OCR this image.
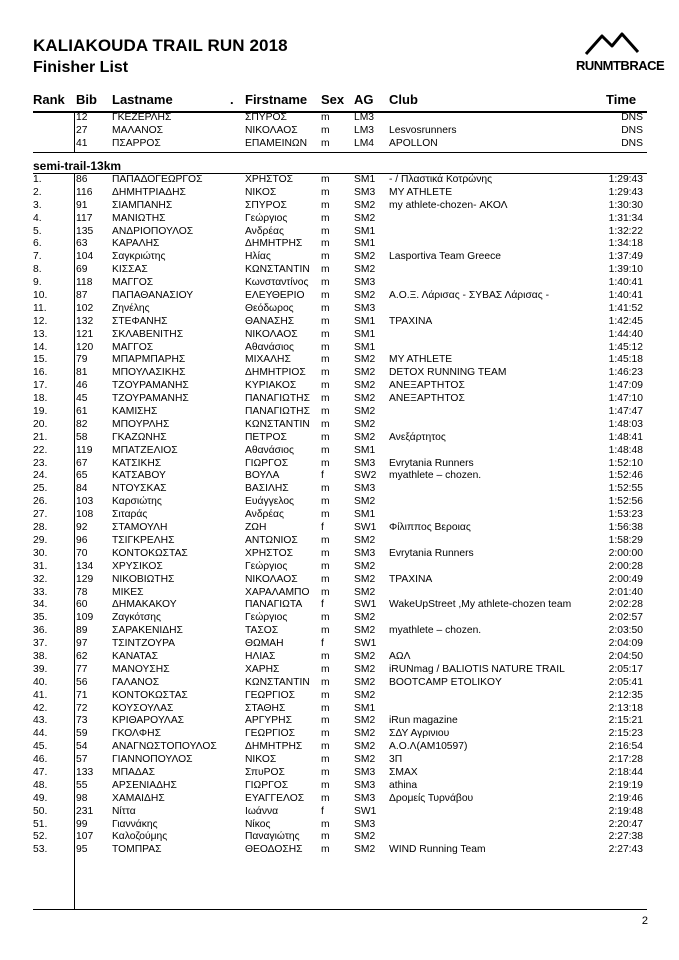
KALIAKOUDA TRAIL RUN 2018
Finisher List	RUNMTBRACE
Rank Bib Lastname	. Firstname Sex AG Club	Time
12 ΓΚΕΖΕΡΛΗΣ	ΣΠΥΡΟΣ	m LM3	DNS
27 ΜΑΛΑΝΟΣ	ΝΙΚΟΛΑΟΣ	m LM3 Lesvosrunners	DNS
41 ΠΣΑΡΡΟΣ	ΕΠΑΜΕΙΝΩΝ	m LM4 APOLLON	DNS
semi-trail-13km
1.	86 ΠΑΠΑΔΟΓΕΩΡΓΟΣ	ΧΡΗΣΤΟΣ	m SM1 - / Πλαστικά Κοτρώνης	1:29:43
2.	116 ΔΗΜΗΤΡΙΑΔΗΣ	ΝΙΚΟΣ	m SM3 MY ATHLETE	1:29:43
3.	91 ΣΙΑΜΠΑΝΗΣ	ΣΠΥΡΟΣ	m SM2 my athlete-chozen- ΑΚΟΛ	1:30:30
4.	117 ΜΑΝΙΩΤΗΣ	Γεώργιος	m SM2	1:31:34
5.	135 ΑΝΔΡΙΟΠΟΥΛΟΣ	Ανδρέας	m SM1	1:32:22
6.	63 ΚΑΡΑΛΗΣ	ΔΗΜΗΤΡΗΣ	m SM1	1:34:18
7.	104 Σαγκριώτης	Ηλίας	m SM2 Lasportiva Team Greece	1:37:49
8.	69 ΚΙΣΣΑΣ	ΚΩΝΣΤΑΝΤΙΝ	m SM2	1:39:10
9.	118 ΜΑΓΓΟΣ	Κωνσταντίνος	m SM3	1:40:41
10.	87 ΠΑΠΑΘΑΝΑΣΙΟΥ	ΕΛΕΥΘΕΡΙΟ	m SM2 Α.Ο.Ξ. Λάρισας - ΣΥΒΑΣ Λάρισας -	1:40:41
11.	102 Ζηνέλης	Θεόδωρος	m SM3	1:41:52
12.	132 ΣΤΕΦΑΝΗΣ	ΘΑΝΑΣΗΣ	m SM1 ΤΡΑΧΙΝΑ	1:42:45
13.	121 ΣΚΛΑΒΕΝΙΤΗΣ	ΝΙΚΟΛΑΟΣ	m SM1	1:44:40
14.	120 ΜΑΓΓΟΣ	Αθανάσιος	m SM1	1:45:12
15.	79 ΜΠΑΡΜΠΑΡΗΣ	ΜΙΧΑΛΗΣ	m SM2 MY ATHLETE	1:45:18
16.	81 ΜΠΟΥΛΑΣΙΚΗΣ	ΔΗΜΗΤΡΙΟΣ	m SM2 DETOX RUNNING TEAM	1:46:23
17.	46 ΤΖΟΥΡΑΜΑΝΗΣ	ΚΥΡΙΑΚΟΣ	m SM2 ΑΝΕΞΑΡΤΗΤΟΣ	1:47:09
18.	45 ΤΖΟΥΡΑΜΑΝΗΣ	ΠΑΝΑΓΙΩΤΗΣ	m SM2 ΑΝΕΞΑΡΤΗΤΟΣ	1:47:10
19.	61 ΚΑΜΙΣΗΣ	ΠΑΝΑΓΙΩΤΗΣ	m SM2	1:47:47
20.	82 ΜΠΟΥΡΛΗΣ	ΚΩΝΣΤΑΝΤΙΝ	m SM2	1:48:03
21.	58 ΓΚΑΖΩΝΗΣ	ΠΕΤΡΟΣ	m SM2 Ανεξάρτητος	1:48:41
22.	119 ΜΠΑΤΖΕΛΙΟΣ	Αθανάσιος	m SM1	1:48:48
23.	67 ΚΑΤΣΙΚΗΣ	ΓΙΩΡΓΟΣ	m SM3 Evrytania Runners	1:52:10
24.	65 ΚΑΤΣΑΒΟΥ	ΒΟΥΛΑ	f	SW2 myathlete – chozen.	1:52:46
25.	84 ΝΤΟΥΣΚΑΣ	ΒΑΣΙΛΗΣ	m SM3	1:52:55
26.	103 Καρσιώτης	Ευάγγελος	m SM2	1:52:56
27.	108 Σιταράς	Ανδρέας	m SM1	1:53:23
28.	92 ΣΤΑΜΟΥΛΗ	ΖΩΗ	f	SW1 Φίλιππος Βεροιας	1:56:38
29.	96 ΤΣΙΓΚΡΕΛΗΣ	ΑΝΤΩΝΙΟΣ	m SM2	1:58:29
30.	70 ΚΟΝΤΟΚΩΣΤΑΣ	ΧΡΗΣΤΟΣ	m SM3 Evrytania Runners	2:00:00
31.	134 ΧΡΥΣΙΚΟΣ	Γεώργιος	m SM2	2:00:28
32.	129 ΝΙΚΟΒΙΩΤΗΣ	ΝΙΚΟΛΑΟΣ	m SM2 ΤΡΑΧΙΝΑ	2:00:49
33.	78 ΜΙΚΕΣ	ΧΑΡΑΛΑΜΠΟ	m SM2	2:01:40
34.	60 ΔΗΜΑΚΑΚΟΥ	ΠΑΝΑΓΙΩΤΑ	f	SW1 WakeUpStreet ,My athlete-chozen team	2:02:28
35.	109 Ζαγκότσης	Γεώργιος	m SM2	2:02:57
36.	89 ΣΑΡΑΚΕΝΙΔΗΣ	ΤΑΣΟΣ	m SM2 myathlete – chozen.	2:03:50
37.	97 ΤΣΙΝΤΖΟΥΡΑ	ΘΩΜΑΗ	f	SW1	2:04:09
38.	62 ΚΑΝΑΤΑΣ	ΗΛΙΑΣ	m SM2 ΑΩΛ	2:04:50
39.	77 ΜΑΝΟΥΣΗΣ	ΧΑΡΗΣ	m SM2 iRUNmag / BALIOTIS NATURE TRAIL	2:05:17
40.	56 ΓΑΛΑΝΟΣ	ΚΩΝΣΤΑΝΤΙΝ	m SM2 BOOTCAMP ETOLIKOY	2:05:41
41.	71 ΚΟΝΤΟΚΩΣΤΑΣ	ΓΕΩΡΓΙΟΣ	m SM2	2:12:35
42.	72 ΚΟΥΣΟΥΛΑΣ	ΣΤΑΘΗΣ	m SM1	2:13:18
43.	73 ΚΡΙΘΑΡΟΥΛΑΣ	ΑΡΓΥΡΗΣ	m SM2 iRun magazine	2:15:21
44.	59 ΓΚΟΛΦΗΣ	ΓΕΩΡΓΙΟΣ	m SM2 ΣΔΥ Αγρινιου	2:15:23
45.	54 ΑΝΑΓΝΩΣΤΟΠΟΥΛΟΣ	ΔΗΜΗΤΡΗΣ	m SM2 Α.Ο.Λ(ΑΜ10597)	2:16:54
46.	57 ΓΙΑΝΝΟΠΟΥΛΟΣ	ΝΙΚΟΣ	m SM2 3Π	2:17:28
47.	133 ΜΠΑΔΑΣ	ΣπυΡΟΣ	m SM3 ΣΜΑΧ	2:18:44
48.	55 ΑΡΣΕΝΙΑΔΗΣ	ΓΙΩΡΓΟΣ	m SM3 athina	2:19:19
49.	98 ΧΑΜΑΙΔΗΣ	ΕΥΑΓΓΕΛΟΣ	m SM3 Δρομείς Τυρνάβου	2:19:46
50.	231 Νίττα	Ιωάννα	f	SW1	2:19:48
51.	99 Γιαννάκης	Νίκος	m SM3	2:20:47
52.	107 Καλοζούμης	Παναγιώτης	m SM2	2:27:38
53.	95 ΤΟΜΠΡΑΣ	ΘΕΟΔΟΣΗΣ	m SM2 WIND Running Team	2:27:43
2
